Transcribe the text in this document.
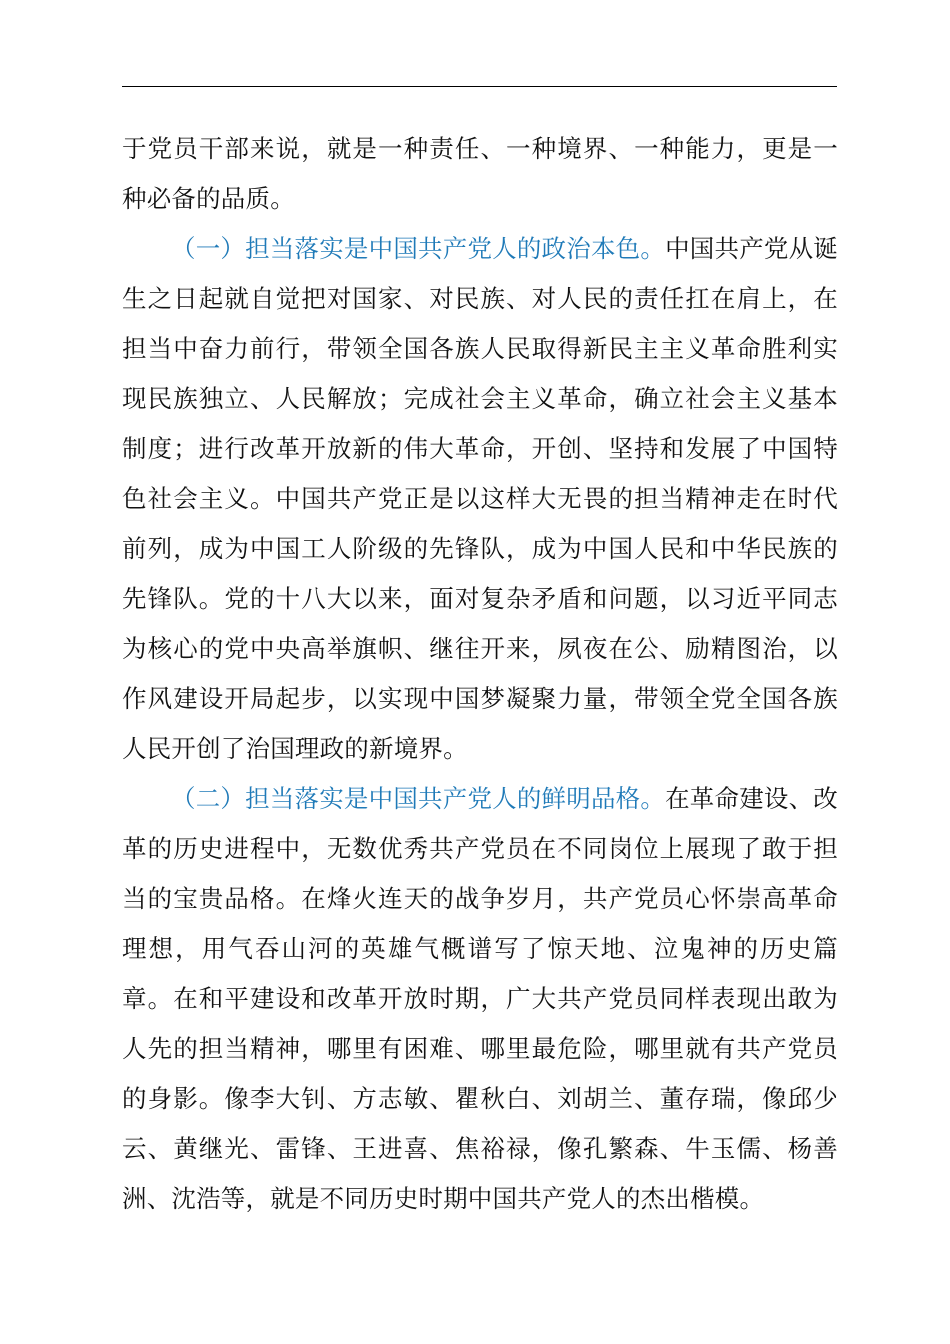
于党员干部来说，就是一种责任、一种境界、一种能力，更是一种必备的品质。

（一）担当落实是中国共产党人的政治本色。中国共产党从诞生之日起就自觉把对国家、对民族、对人民的责任扛在肩上，在担当中奋力前行，带领全国各族人民取得新民主主义革命胜利实现民族独立、人民解放；完成社会主义革命，确立社会主义基本制度；进行改革开放新的伟大革命，开创、坚持和发展了中国特色社会主义。中国共产党正是以这样大无畏的担当精神走在时代前列，成为中国工人阶级的先锋队，成为中国人民和中华民族的先锋队。党的十八大以来，面对复杂矛盾和问题，以习近平同志为核心的党中央高举旗帜、继往开来，夙夜在公、励精图治，以作风建设开局起步，以实现中国梦凝聚力量，带领全党全国各族人民开创了治国理政的新境界。

（二）担当落实是中国共产党人的鲜明品格。在革命建设、改革的历史进程中，无数优秀共产党员在不同岗位上展现了敢于担当的宝贵品格。在烽火连天的战争岁月，共产党员心怀崇高革命理想，用气吞山河的英雄气概谱写了惊天地、泣鬼神的历史篇章。在和平建设和改革开放时期，广大共产党员同样表现出敢为人先的担当精神，哪里有困难、哪里最危险，哪里就有共产党员的身影。像李大钊、方志敏、瞿秋白、刘胡兰、董存瑞，像邱少云、黄继光、雷锋、王进喜、焦裕禄，像孔繁森、牛玉儒、杨善洲、沈浩等，就是不同历史时期中国共产党人的杰出楷模。
